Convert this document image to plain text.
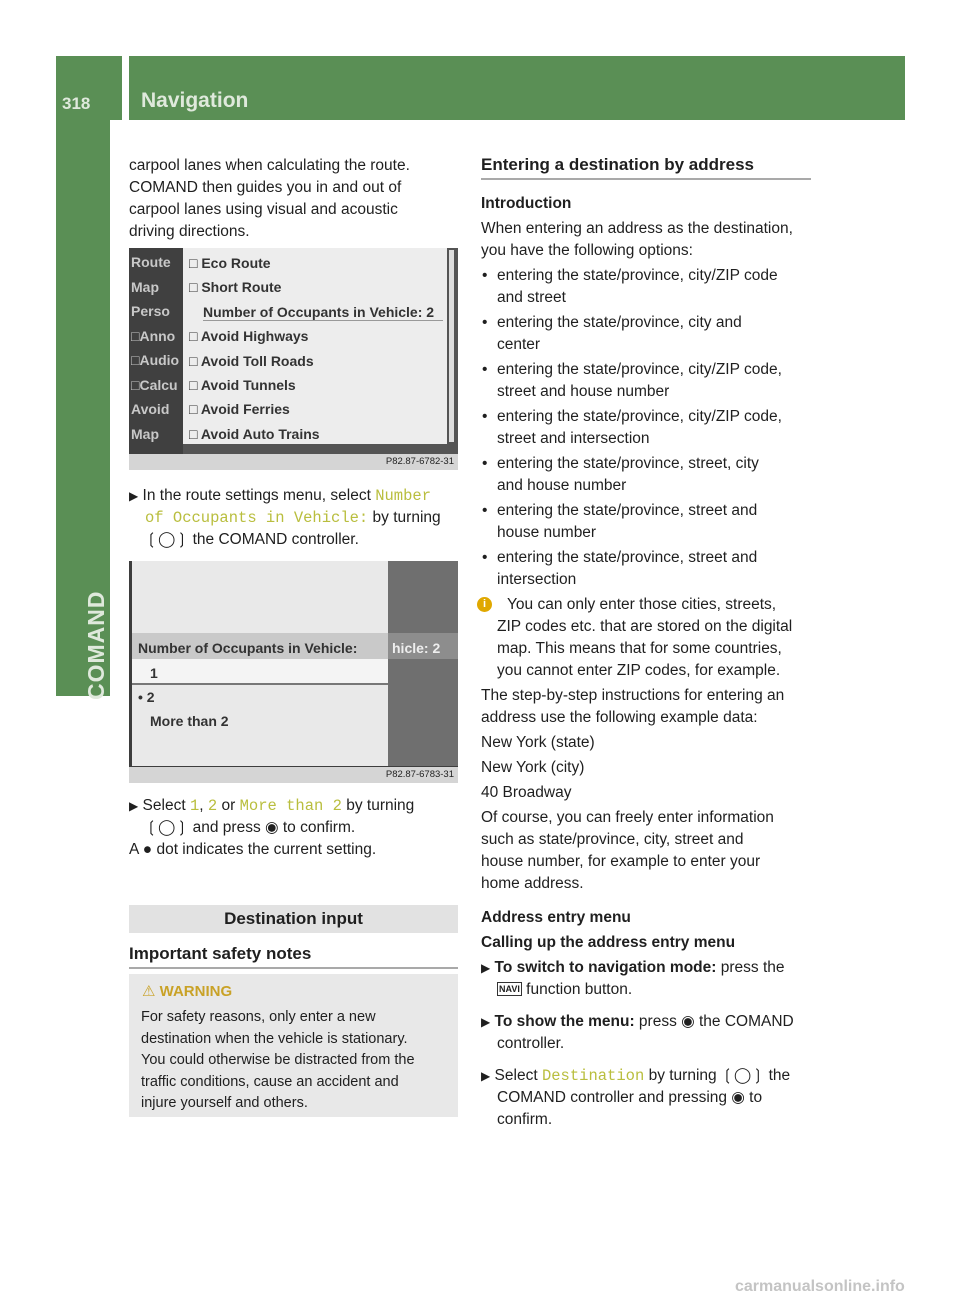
318 Navigation
COMAND
carpool lanes when calculating the route.
COMAND then guides you in and out of
carpool lanes using visual and acoustic
driving directions.
Route
Map
Perso
□Anno
□Audio
□Calcu
Avoid
Map
□ Eco Route
□ Short Route
Number of Occupants in Vehicle: 2
□ Avoid Highways
□ Avoid Toll Roads
□ Avoid Tunnels
□ Avoid Ferries
□ Avoid Auto Trains
P82.87-6782-31
▶ In the route settings menu, select Number
of Occupants in Vehicle: by turning
❲◯❳ the COMAND controller.
Number of Occupants in Vehicle:
1
• 2
More than 2
hicle: 2
P82.87-6783-31
▶ Select 1, 2 or More than 2 by turning
❲◯❳ and press ◉ to confirm.
A ● dot indicates the current setting.
Destination input
Important safety notes
⚠ WARNING
For safety reasons, only enter a new
destination when the vehicle is stationary.
You could otherwise be distracted from the
traffic conditions, cause an accident and
injure yourself and others.
Entering a destination by address
Introduction
When entering an address as the destination,
you have the following options:
• entering the state/province, city/ZIP code
and street
• entering the state/province, city and
center
• entering the state/province, city/ZIP code,
street and house number
• entering the state/province, city/ZIP code,
street and intersection
• entering the state/province, street, city
and house number
• entering the state/province, street and
house number
• entering the state/province, street and
intersection
i	You can only enter those cities, streets,
ZIP codes etc. that are stored on the digital
map. This means that for some countries,
you cannot enter ZIP codes, for example.
The step-by-step instructions for entering an
address use the following example data:
New York (state)
New York (city)
40 Broadway
Of course, you can freely enter information
such as state/province, city, street and
house number, for example to enter your
home address.
Address entry menu
Calling up the address entry menu
▶ To switch to navigation mode: press the
NAVI function button.
▶ To show the menu: press ◉ the COMAND
controller.
▶ Select Destination by turning ❲◯❳ the
COMAND controller and pressing ◉ to
confirm.
carmanualsonline.info
